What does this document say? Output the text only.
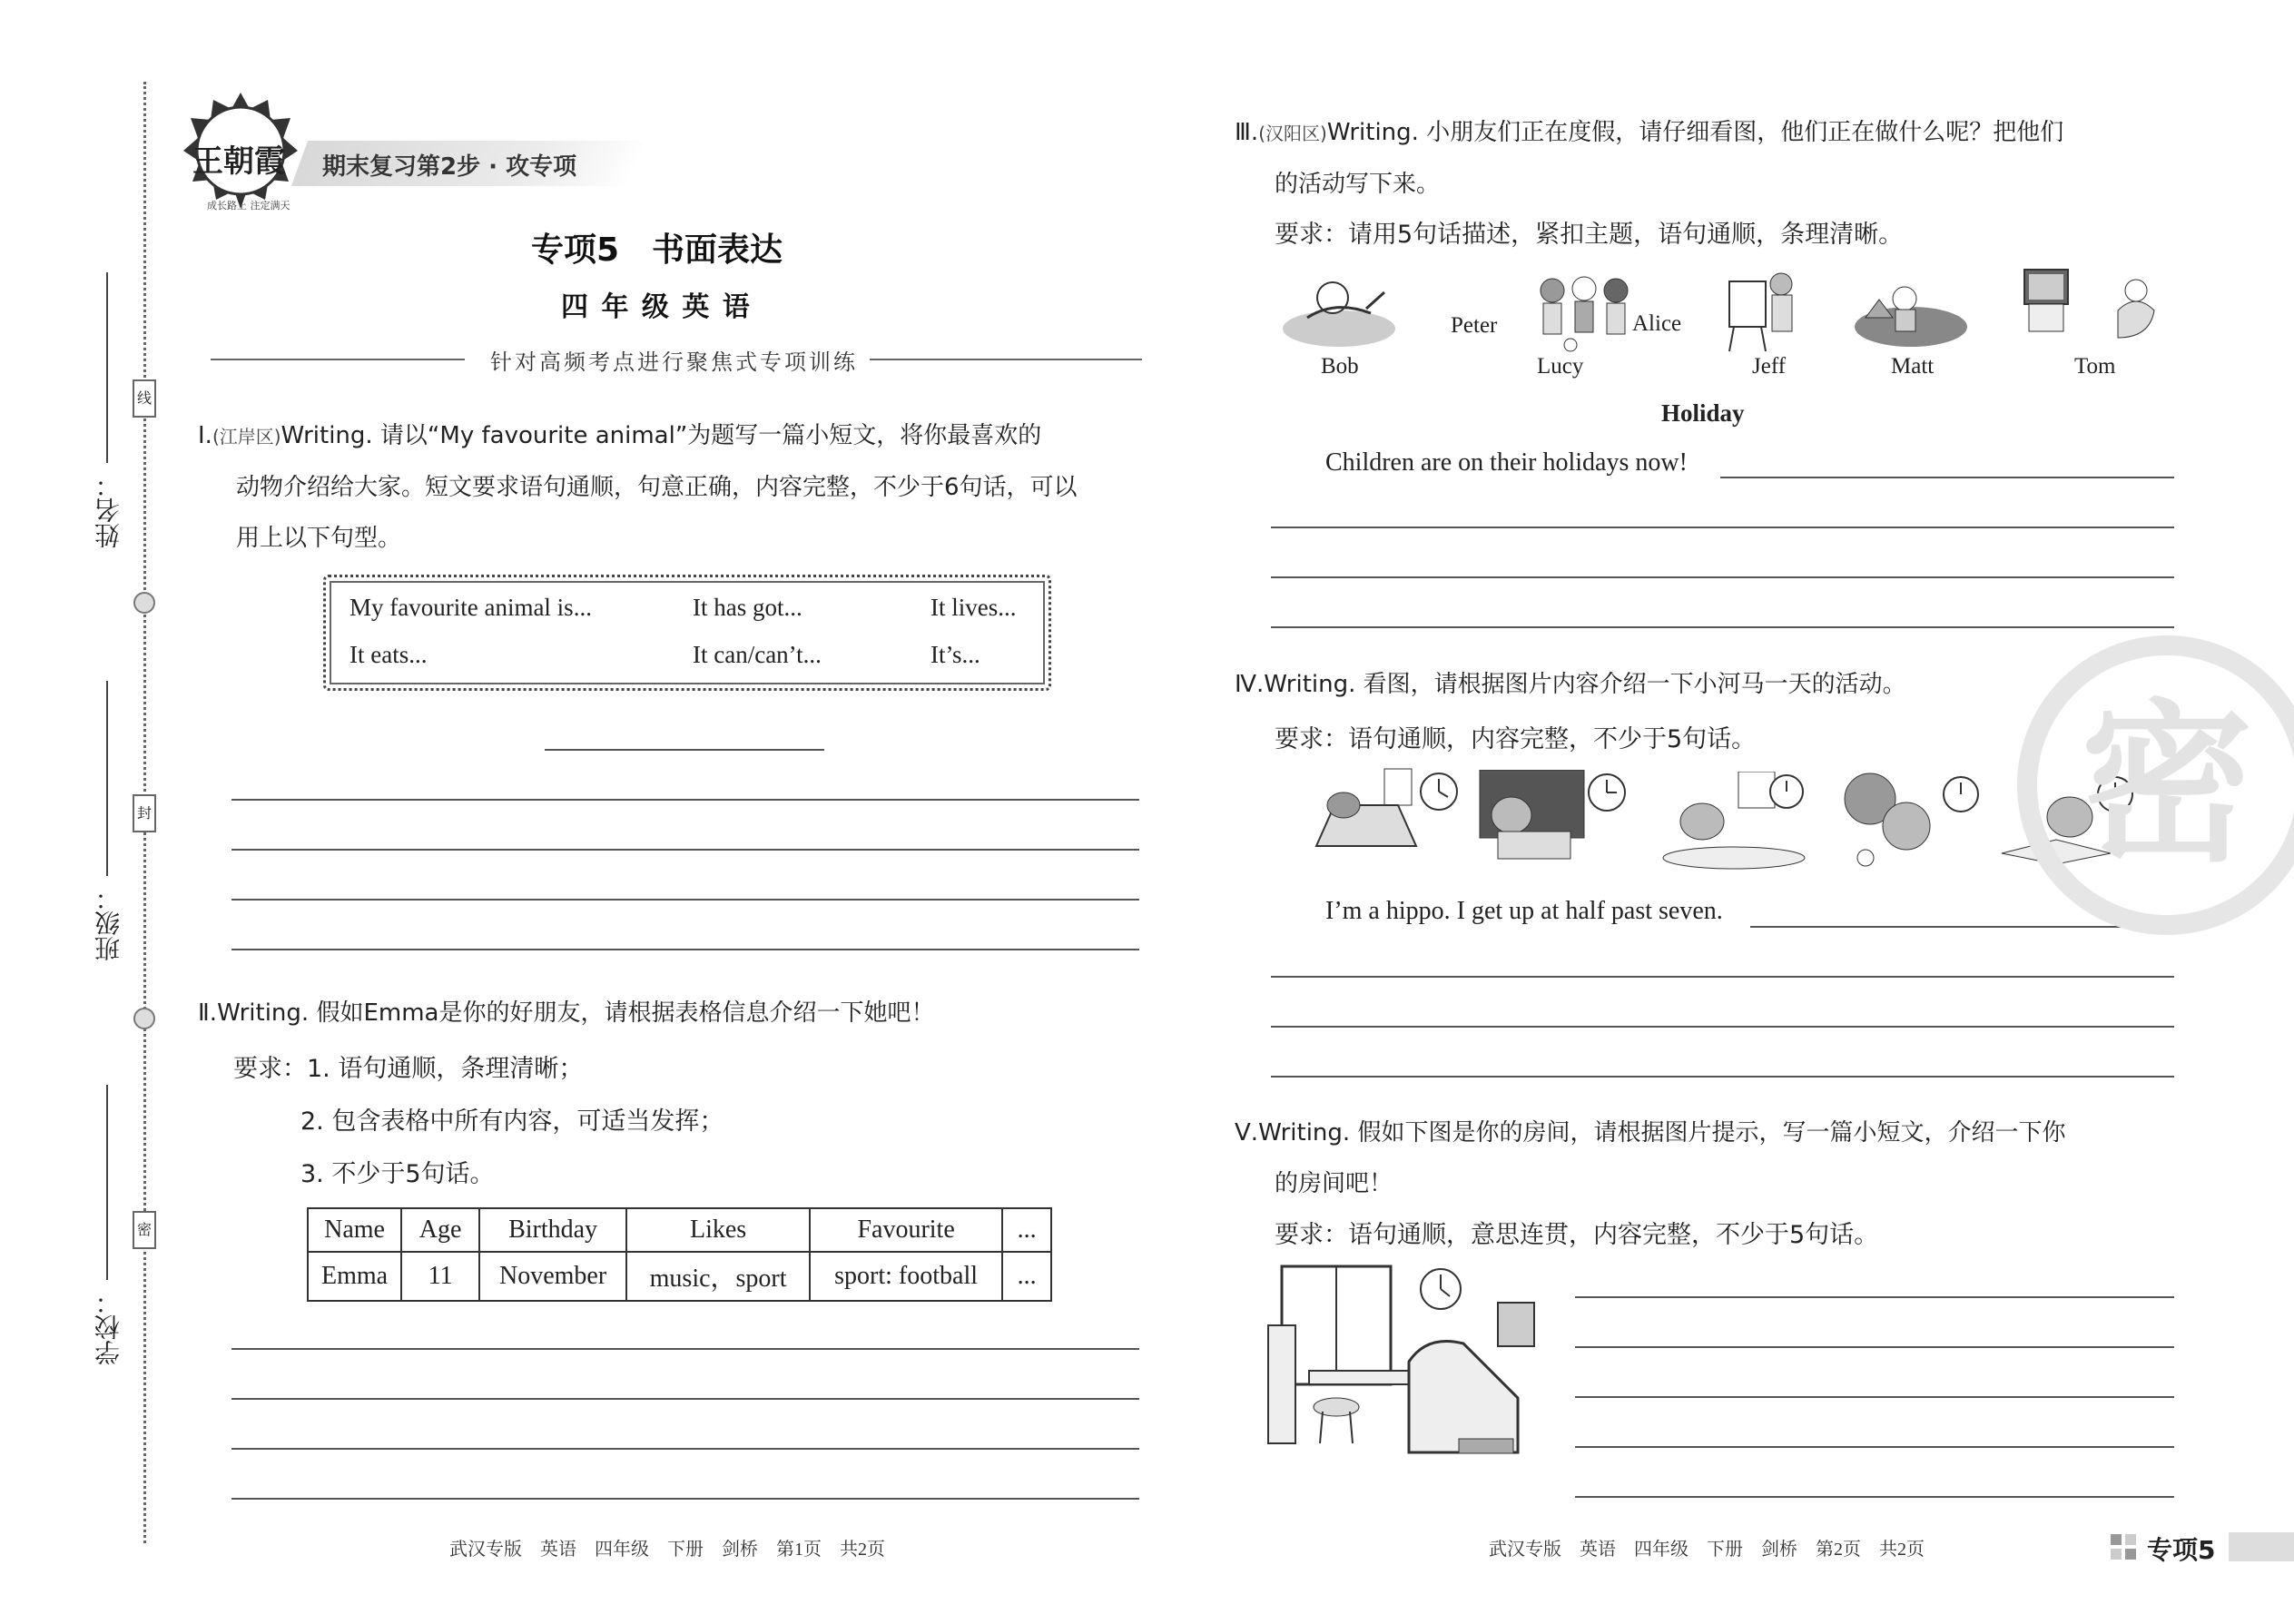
线
封
密
姓名：
班级：
学校：
王朝霞
成长路上 注定满天
期末复习第2步 · 攻专项
专项5　书面表达
四 年 级 英 语
针对高频考点进行聚焦式专项训练
Ⅰ.(江岸区)Writing. 请以“My favourite animal”为题写一篇小短文，将你最喜欢的
动物介绍给大家。短文要求语句通顺，句意正确，内容完整，不少于6句话，可以
用上以下句型。
My favourite animal is...	It has got...	It lives...
It eats...	It can/can’t...	It’s...
Ⅱ.Writing. 假如Emma是你的好朋友，请根据表格信息介绍一下她吧！
要求：1. 语句通顺，条理清晰；
2. 包含表格中所有内容，可适当发挥；
3. 不少于5句话。
Name	Age	Birthday	Likes	Favourite	...
Emma	11	November	music，sport	sport: football	...
武汉专版　英语　四年级　下册　剑桥　第1页　共2页
Ⅲ.(汉阳区)Writing. 小朋友们正在度假，请仔细看图，他们正在做什么呢？把他们
的活动写下来。
要求：请用5句话描述，紧扣主题，语句通顺，条理清晰。
Bob
Peter	Alice
Lucy	Jeff	Matt	Tom
Holiday
Children are on their holidays now!
Ⅳ.Writing. 看图，请根据图片内容介绍一下小河马一天的活动。
要求：语句通顺，内容完整，不少于5句话。
I’m a hippo. I get up at half past seven.
Ⅴ.Writing. 假如下图是你的房间，请根据图片提示，写一篇小短文，介绍一下你
的房间吧！
要求：语句通顺，意思连贯，内容完整，不少于5句话。
密
武汉专版　英语　四年级　下册　剑桥　第2页　共2页	专项5
